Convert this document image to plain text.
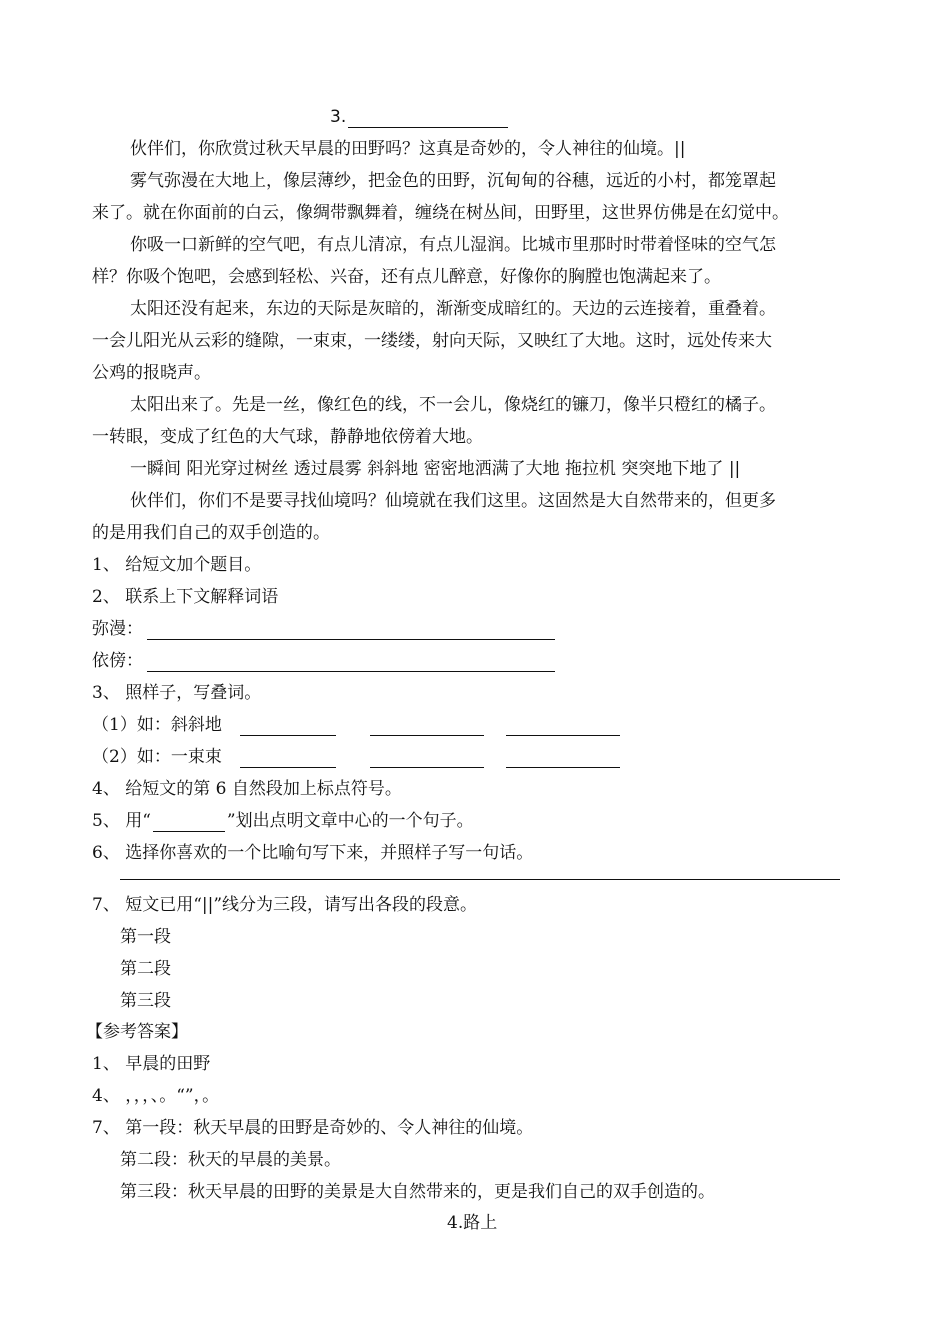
3.
伙伴们，你欣赏过秋天早晨的田野吗？这真是奇妙的，令人神往的仙境。||
雾气弥漫在大地上，像层薄纱，把金色的田野，沉甸甸的谷穗，远近的小村，都笼罩起
来了。就在你面前的白云，像绸带飘舞着，缠绕在树丛间，田野里，这世界仿佛是在幻觉中。
你吸一口新鲜的空气吧，有点儿清凉，有点儿湿润。比城市里那时时带着怪味的空气怎
样？你吸个饱吧，会感到轻松、兴奋，还有点儿醉意，好像你的胸膛也饱满起来了。
太阳还没有起来，东边的天际是灰暗的，渐渐变成暗红的。天边的云连接着，重叠着。
一会儿阳光从云彩的缝隙，一束束，一缕缕，射向天际，又映红了大地。这时，远处传来大
公鸡的报晓声。
太阳出来了。先是一丝，像红色的线，不一会儿，像烧红的镰刀，像半只橙红的橘子。
一转眼，变成了红色的大气球，静静地依傍着大地。
一瞬间 阳光穿过树丝 透过晨雾 斜斜地 密密地洒满了大地 拖拉机 突突地下地了 ||
伙伴们，你们不是要寻找仙境吗？仙境就在我们这里。这固然是大自然带来的，但更多
的是用我们自己的双手创造的。
1、 给短文加个题目。
2、 联系上下文解释词语
弥漫：
依傍：
3、 照样子，写叠词。
（1）如：斜斜地
（2）如：一束束
4、 给短文的第 6 自然段加上标点符号。
5、 用“	”划出点明文章中心的一个句子。
6、 选择你喜欢的一个比喻句写下来，并照样子写一句话。
7、 短文已用“||”线分为三段，请写出各段的段意。
第一段
第二段
第三段
【参考答案】
1、 早晨的田野
4、 ，，，、。“”，。
7、 第一段：秋天早晨的田野是奇妙的、令人神往的仙境。
第二段：秋天的早晨的美景。
第三段：秋天早晨的田野的美景是大自然带来的，更是我们自己的双手创造的。
4.路上
